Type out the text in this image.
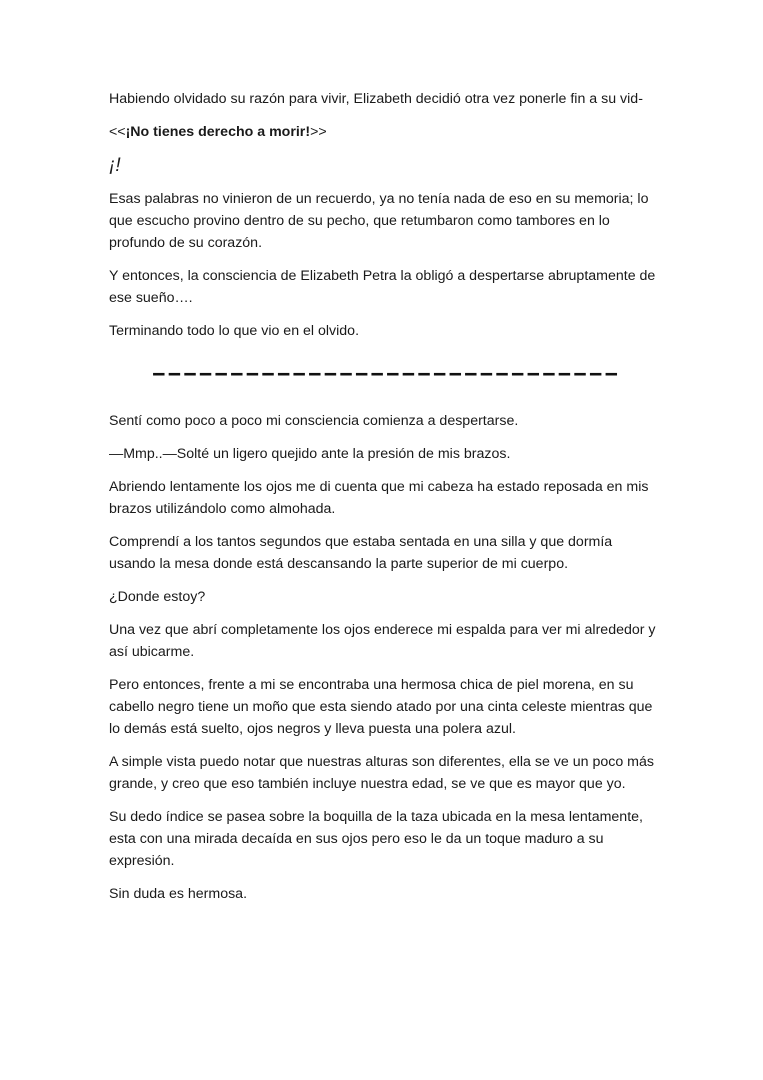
Habiendo olvidado su razón para vivir, Elizabeth decidió otra vez ponerle fin a su vid-

<<¡No tienes derecho a morir!>>

¡!

Esas palabras no vinieron de un recuerdo, ya no tenía nada de eso en su memoria; lo que escucho provino dentro de su pecho, que retumbaron como tambores en lo profundo de su corazón.

Y entonces, la consciencia de Elizabeth Petra la obligó a despertarse abruptamente de ese sueño….

Terminando todo lo que vio en el olvido.

––––––––––––––––––––––––––––––

Sentí como poco a poco mi consciencia comienza a despertarse.

—Mmp..—Solté un ligero quejido ante la presión de mis brazos.

Abriendo lentamente los ojos me di cuenta que mi cabeza ha estado reposada en mis brazos utilizándolo como almohada.

Comprendí a los tantos segundos que estaba sentada en una silla y que dormía usando la mesa donde está descansando la parte superior de mi cuerpo.

¿Donde estoy?

Una vez que abrí completamente los ojos enderece mi espalda para ver mi alrededor y así ubicarme.

Pero entonces, frente a mi se encontraba una hermosa chica de piel morena, en su cabello negro tiene un moño que esta siendo atado por una cinta celeste mientras que lo demás está suelto, ojos negros y lleva puesta una polera azul.

A simple vista puedo notar que nuestras alturas son diferentes, ella se ve un poco más grande, y creo que eso también incluye nuestra edad, se ve que es mayor que yo.

Su dedo índice se pasea sobre la boquilla de la taza ubicada en la mesa lentamente, esta con una mirada decaída en sus ojos pero eso le da un toque maduro a su expresión.

Sin duda es hermosa.
